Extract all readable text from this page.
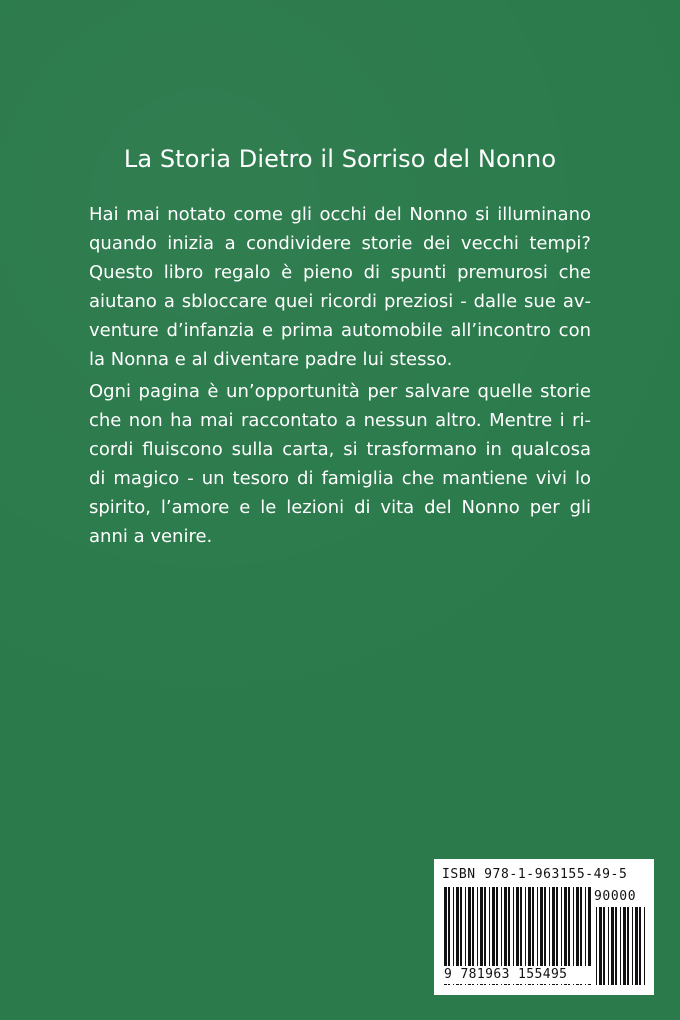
La Storia Dietro il Sorriso del Nonno

Hai mai notato come gli occhi del Nonno si illuminano quando inizia a condividere storie dei vecchi tempi? Questo libro regalo è pieno di spunti premurosi che aiutano a sbloccare quei ricordi preziosi - dalle sue avventure d’infanzia e prima automobile all’incontro con la Nonna e al diventare padre lui stesso.

Ogni pagina è un’opportunità per salvare quelle storie che non ha mai raccontato a nessun altro. Mentre i ricordi fluiscono sulla carta, si trasformano in qualcosa di magico - un tesoro di famiglia che mantiene vivi lo spirito, l’amore e le lezioni di vita del Nonno per gli anni a venire.

ISBN 978-1-963155-49-5
90000
9 781963 155495
